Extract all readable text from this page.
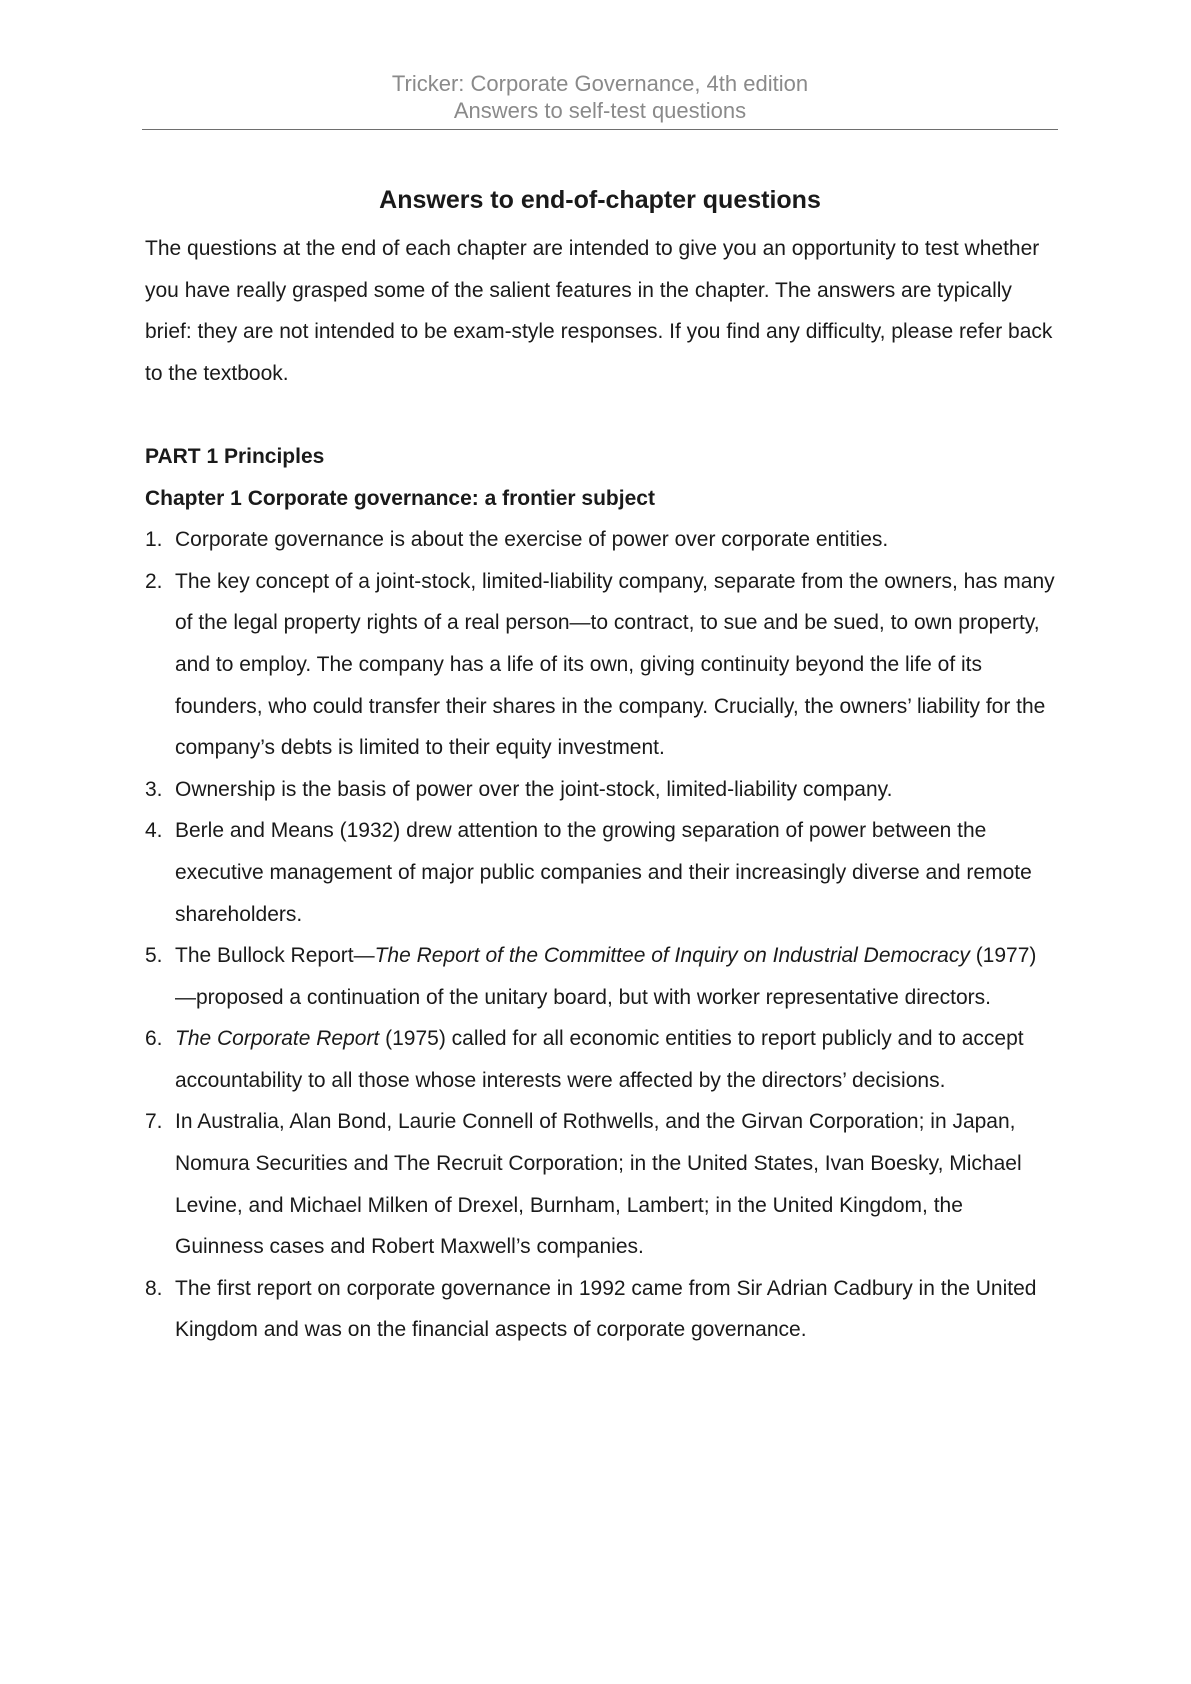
Tricker: Corporate Governance, 4th edition
Answers to self-test questions
Answers to end-of-chapter questions

The questions at the end of each chapter are intended to give you an opportunity to test whether you have really grasped some of the salient features in the chapter. The answers are typically brief: they are not intended to be exam-style responses. If you find any difficulty, please refer back to the textbook.

PART 1 Principles

Chapter 1 Corporate governance: a frontier subject

1. Corporate governance is about the exercise of power over corporate entities.
2. The key concept of a joint-stock, limited-liability company, separate from the owners, has many of the legal property rights of a real person—to contract, to sue and be sued, to own property, and to employ. The company has a life of its own, giving continuity beyond the life of its founders, who could transfer their shares in the company. Crucially, the owners’ liability for the company’s debts is limited to their equity investment.
3. Ownership is the basis of power over the joint-stock, limited-liability company.
4. Berle and Means (1932) drew attention to the growing separation of power between the executive management of major public companies and their increasingly diverse and remote shareholders.
5. The Bullock Report—The Report of the Committee of Inquiry on Industrial Democracy (1977)—proposed a continuation of the unitary board, but with worker representative directors.
6. The Corporate Report (1975) called for all economic entities to report publicly and to accept accountability to all those whose interests were affected by the directors’ decisions.
7. In Australia, Alan Bond, Laurie Connell of Rothwells, and the Girvan Corporation; in Japan, Nomura Securities and The Recruit Corporation; in the United States, Ivan Boesky, Michael Levine, and Michael Milken of Drexel, Burnham, Lambert; in the United Kingdom, the Guinness cases and Robert Maxwell’s companies.
8. The first report on corporate governance in 1992 came from Sir Adrian Cadbury in the United Kingdom and was on the financial aspects of corporate governance.
